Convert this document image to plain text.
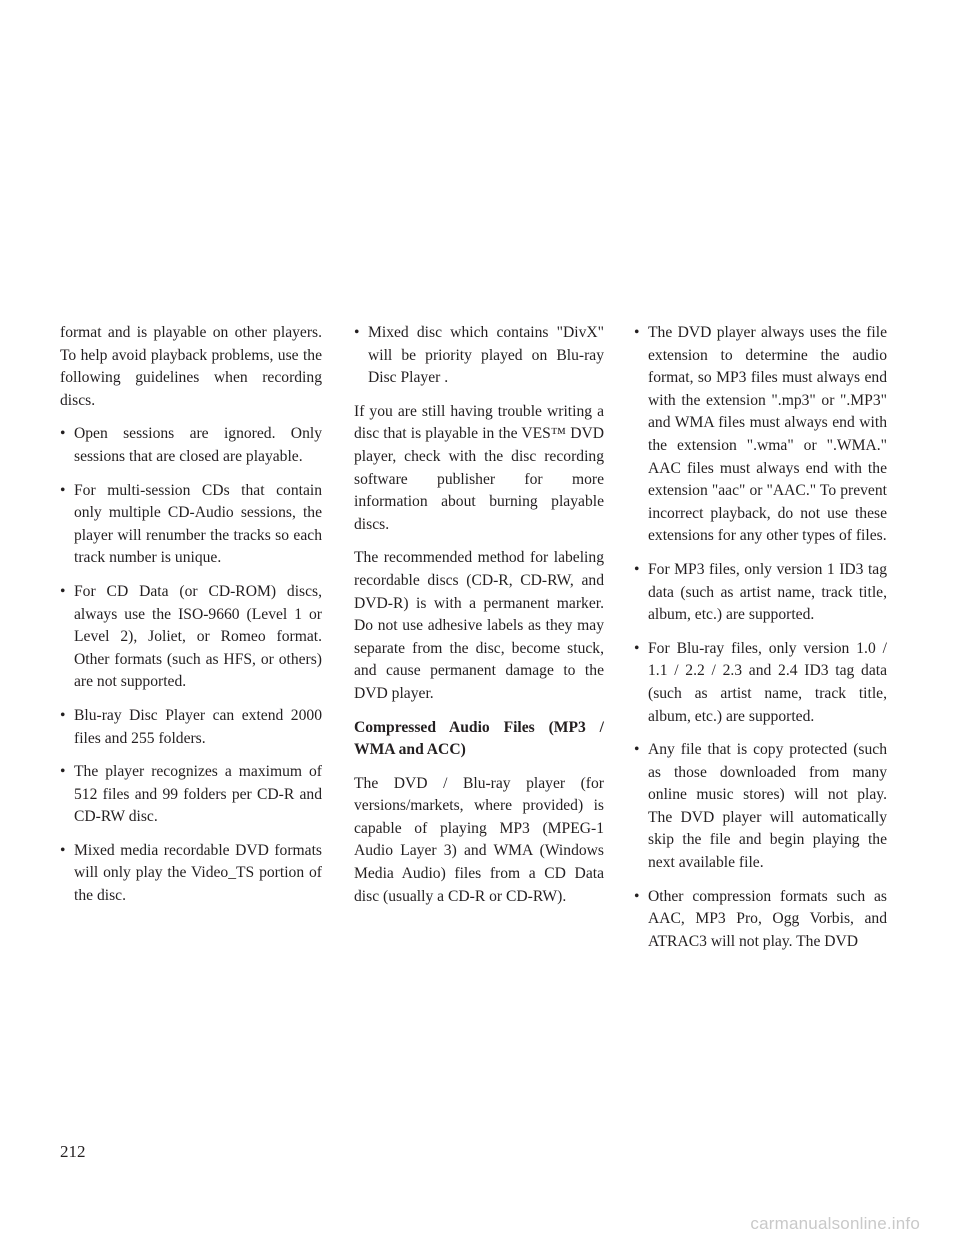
format and is playable on other players. To help avoid playback problems, use the following guidelines when recording discs.

• Open sessions are ignored. Only sessions that are closed are playable.
• For multi-session CDs that contain only multiple CD-Audio sessions, the player will renumber the tracks so each track number is unique.
• For CD Data (or CD-ROM) discs, always use the ISO-9660 (Level 1 or Level 2), Joliet, or Romeo format. Other formats (such as HFS, or others) are not supported.
• Blu-ray Disc Player can extend 2000 files and 255 folders.
• The player recognizes a maximum of 512 files and 99 folders per CD-R and CD-RW disc.
• Mixed media recordable DVD formats will only play the Video_TS portion of the disc.
• Mixed disc which contains "DivX" will be priority played on Blu-ray Disc Player .

If you are still having trouble writing a disc that is playable in the VES™ DVD player, check with the disc recording software publisher for more information about burning playable discs.

The recommended method for labeling recordable discs (CD-R, CD-RW, and DVD-R) is with a permanent marker. Do not use adhesive labels as they may separate from the disc, become stuck, and cause permanent damage to the DVD player.

Compressed Audio Files (MP3 / WMA and ACC)

The DVD / Blu-ray player (for versions/markets, where provided) is capable of playing MP3 (MPEG-1 Audio Layer 3) and WMA (Windows Media Audio) files from a CD Data disc (usually a CD-R or CD-RW).

• The DVD player always uses the file extension to determine the audio format, so MP3 files must always end with the extension ".mp3" or ".MP3" and WMA files must always end with the extension ".wma" or ".WMA." AAC files must always end with the extension "aac" or "AAC." To prevent incorrect playback, do not use these extensions for any other types of files.
• For MP3 files, only version 1 ID3 tag data (such as artist name, track title, album, etc.) are supported.
• For Blu-ray files, only version 1.0 / 1.1 / 2.2 / 2.3 and 2.4 ID3 tag data (such as artist name, track title, album, etc.) are supported.
• Any file that is copy protected (such as those downloaded from many online music stores) will not play. The DVD player will automatically skip the file and begin playing the next available file.
• Other compression formats such as AAC, MP3 Pro, Ogg Vorbis, and ATRAC3 will not play. The DVD
212
carmanualsonline.info
